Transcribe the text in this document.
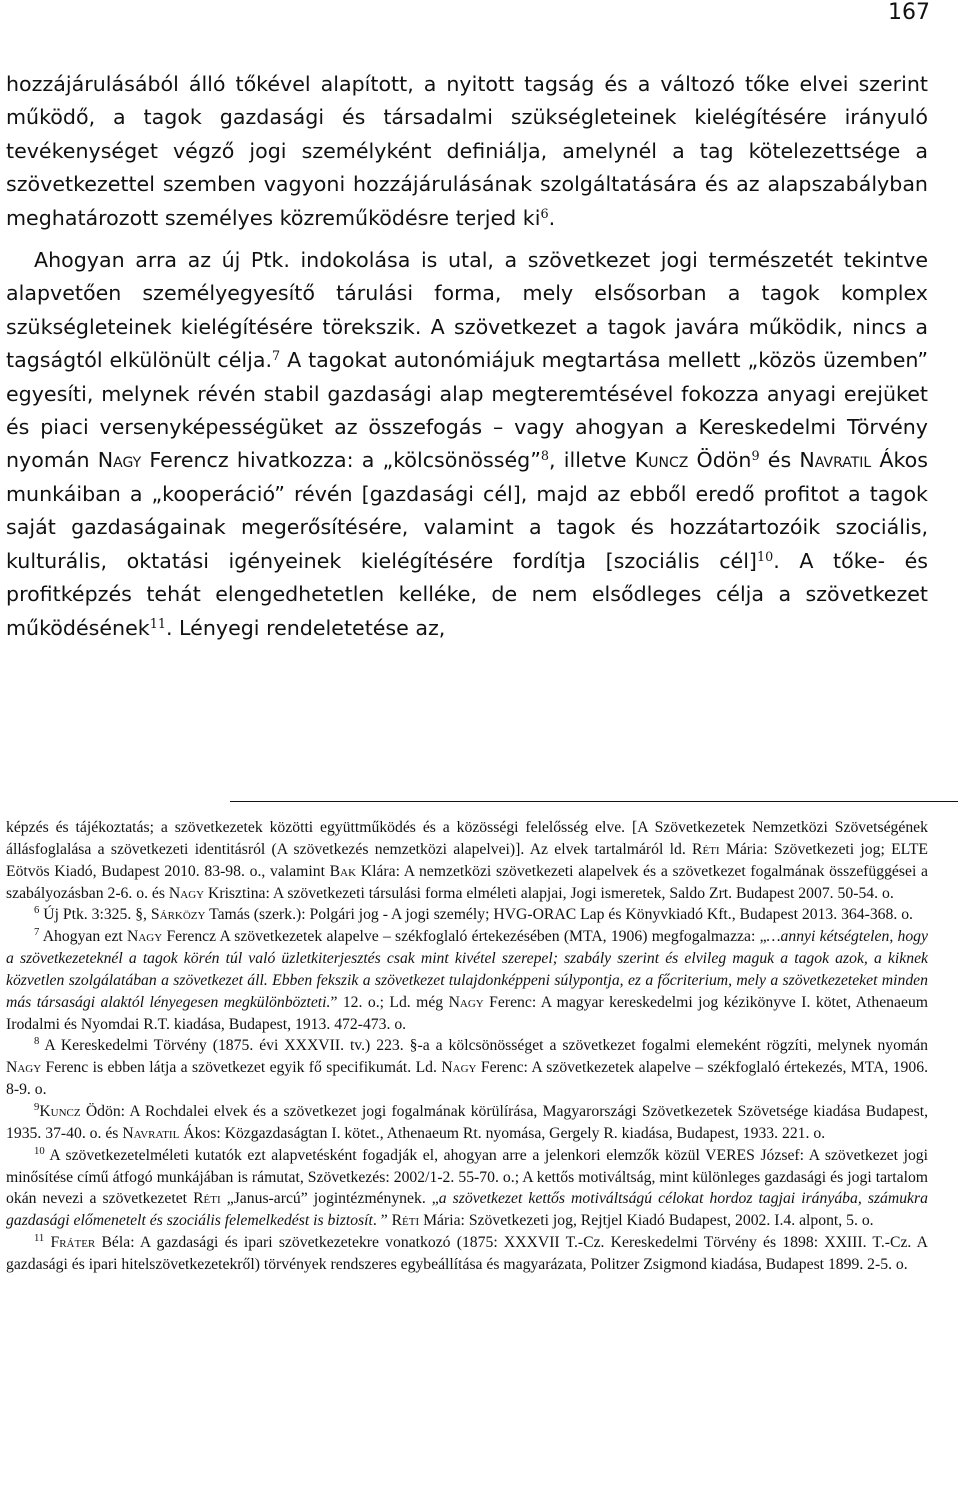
167

hozzájárulásából álló tőkével alapított, a nyitott tagság és a változó tőke elvei szerint működő, a tagok gazdasági és társadalmi szükségleteinek kielégítésére irányuló tevékenységet végző jogi személyként definiálja, amelynél a tag kötelezettsége a szövetkezettel szemben vagyoni hozzájárulásának szolgáltatására és az alapszabályban meghatározott személyes közreműködésre terjed $ki^6$.

Ahogyan arra az új Ptk. indokolása is utal, a szövetkezet jogi természetét tekintve alapvetően személyegyesítő tárulási forma, mely elsősorban a tagok komplex szükségleteinek kielégítésére törekszik. A szövetkezet a tagok javára működik, nincs a tagságtól elkülönült célja.$^7$ A tagokat autonómiájuk megtartása mellett „közös üzemben” egyesíti, melynek révén stabil gazdasági alap megteremtésével fokozza anyagi erejüket és piaci versenyképességüket az összefogás – vagy ahogyan a Kereskedelmi Törvény nyomán Nagy Ferencz hivatkozza: a „kölcsönösség”$^8$, illetve Kuncz Ödön$^9$ és Navratil Ákos munkáiban a „kooperáció” révén [gazdasági cél], majd az ebből eredő profitot a tagok saját gazdaságainak megerősítésére, valamint a tagok és hozzátartozóik szociális, kulturális, oktatási igényeinek kielégítésére fordítja [szociális cél]$^{10}$. A tőke- és profitképzés tehát elengedhetetlen kelléke, de nem elsődleges célja a szövetkezet működésének$^{11}$. Lényegi rendeletetése az,

képzés és tájékoztatás; a szövetkezetek közötti együttműködés és a közösségi felelősség elve. [A Szövetkezetek Nemzetközi Szövetségének állásfoglalása a szövetkezeti identitásról (A szövetkezés nemzetközi alapelvei)]. Az elvek tartalmáról ld. Réti Mária: Szövetkezeti jog; ELTE Eötvös Kiadó, Budapest 2010. 83-98. o., valamint Bak Klára: A nemzetközi szövetkezeti alapelvek és a szövetkezet fogalmának összefüggései a szabályozásban 2-6. o. és Nagy Krisztina: A szövetkezeti társulási forma elméleti alapjai, Jogi ismeretek, Saldo Zrt. Budapest 2007. 50-54. o.

$^6$ Új Ptk. 3:325. §, Sárközy Tamás (szerk.): Polgári jog - A jogi személy; HVG-ORAC Lap és Könyvkiadó Kft., Budapest 2013. 364-368. o.

$^7$ Ahogyan ezt Nagy Ferencz A szövetkezetek alapelve – székfoglaló értekezésében (MTA, 1906) megfogalmazza: „…annyi kétségtelen, hogy a szövetkezeteknél a tagok körén túl való üzletkiterjesztés csak mint kivétel szerepel; szabály szerint és elvileg maguk a tagok azok, a kiknek közvetlen szolgálatában a szövetkezet áll. Ebben fekszik a szövetkezet tulajdonképpeni súlypontja, ez a főcriterium, mely a szövetkezeteket minden más társasági alaktól lényegesen megkülönbözteti.” 12. o.; Ld. még Nagy Ferenc: A magyar kereskedelmi jog kézikönyve I. kötet, Athenaeum Irodalmi és Nyomdai R.T. kiadása, Budapest, 1913. 472-473. o.

$^8$ A Kereskedelmi Törvény (1875. évi XXXVII. tv.) 223. §-a a kölcsönösséget a szövetkezet fogalmi elemeként rögzíti, melynek nyomán Nagy Ferenc is ebben látja a szövetkezet egyik fő specifikumát. Ld. Nagy Ferenc: A szövetkezetek alapelve – székfoglaló értekezés, MTA, 1906. 8-9. o.

$^9$Kuncz Ödön: A Rochdalei elvek és a szövetkezet jogi fogalmának körülírása, Magyarországi Szövetkezetek Szövetsége kiadása Budapest, 1935. 37-40. o. és Navratil Ákos: Közgazdaságtan I. kötet., Athenaeum Rt. nyomása, Gergely R. kiadása, Budapest, 1933. 221. o.

$^{10}$ A szövetkezetelméleti kutatók ezt alapvetésként fogadják el, ahogyan arre a jelenkori elemzők közül VERES József: A szövetkezet jogi minősítése című átfogó munkájában is rámutat, Szövetkezés: 2002/1-2. 55-70. o.; A kettős motiváltság, mint különleges gazdasági és jogi tartalom okán nevezi a szövetkezetet Réti „Janus-arcú” jogintézménynek. „a szövetkezet kettős motiváltságú célokat hordoz tagjai irányába, számukra gazdasági előmenetelt és szociális felemelkedést is biztosít. ” Réti Mária: Szövetkezeti jog, Rejtjel Kiadó Budapest, 2002. I.4. alpont, 5. o.

$^{11}$ Fráter Béla: A gazdasági és ipari szövetkezetekre vonatkozó (1875: XXXVII T.-Cz. Kereskedelmi Törvény és 1898: XXIII. T.-Cz. A gazdasági és ipari hitelszövetkezetekről) törvények rendszeres egybeállítása és magyarázata, Politzer Zsigmond kiadása, Budapest 1899. 2-5. o.
